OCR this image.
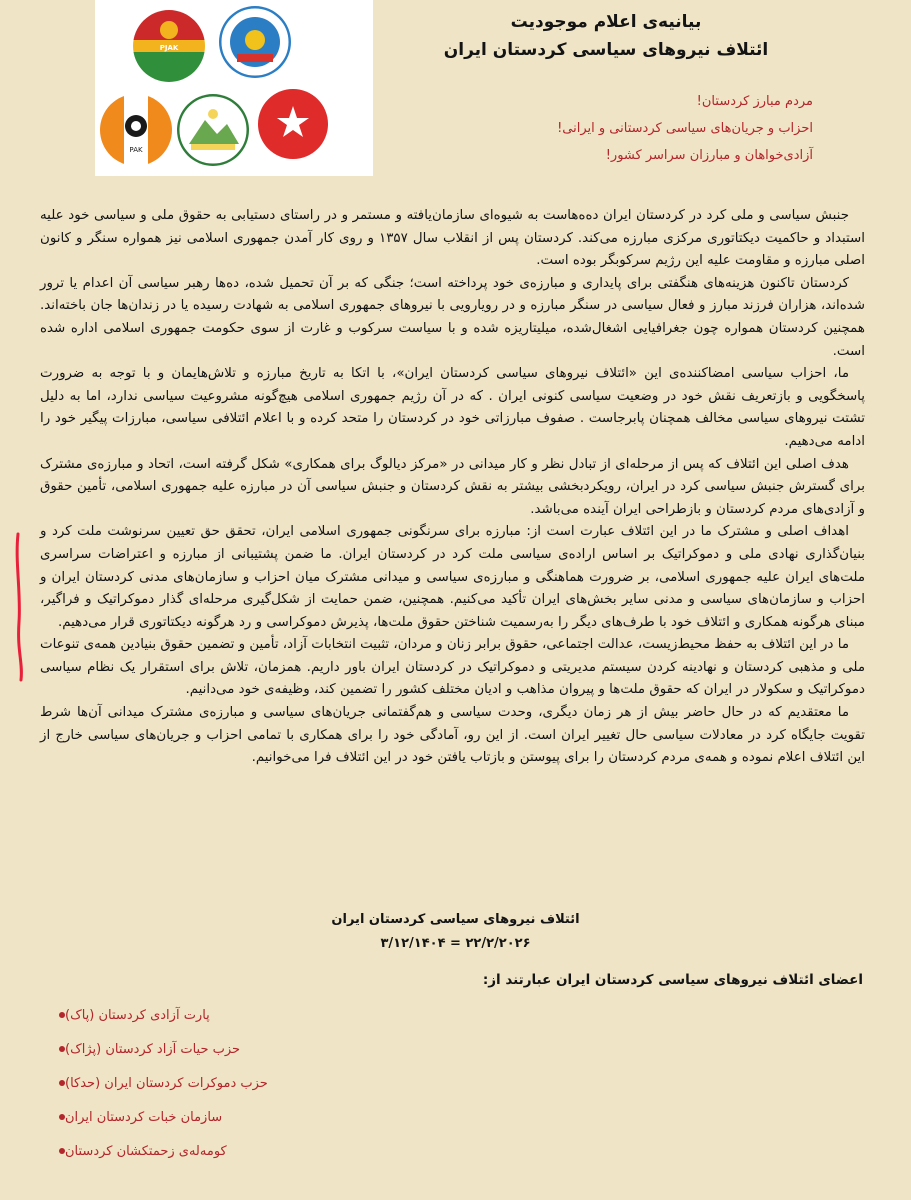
PJAK
PAK
بیانیه‌ی اعلام موجودیت
ائتلاف نیروهای سیاسی کردستان ایران
مردم مبارز کردستان!
احزاب و جریان‌های سیاسی کردستانی و ایرانی!
آزادی‌خواهان و مبارزان سراسر کشور!

جنبش سیاسی و ملی کرد در کردستان ایران ده‌ه‌هاست به شیوه‌ای سازمان‌یافته و مستمر و در راستای دستیابی به حقوق ملی و سیاسی خود علیه استبداد و حاکمیت دیکتاتوری مرکزی مبارزه می‌کند. کردستان پس از انقلاب سال ۱۳۵۷ و روی کار آمدن جمهوری اسلامی نیز همواره سنگر و کانون اصلی مبارزه و مقاومت علیه این رژیم سرکوبگر بوده است.

کردستان تاکنون هزینه‌های هنگفتی برای پایداری و مبارزه‌ی خود پرداخته است؛ جنگی که بر آن تحمیل شده، ده‌ها رهبر سیاسی آن اعدام یا ترور شده‌اند، هزاران فرزند مبارز و فعال سیاسی در سنگر مبارزه و در رویارویی با نیروهای جمهوری اسلامی به شهادت رسیده یا در زندان‌ها جان باخته‌اند. همچنین کردستان همواره چون جغرافیایی اشغال‌شده، میلیتاریزه شده و با سیاست سرکوب و غارت از سوی حکومت جمهوری اسلامی اداره شده است.

ما، احزاب سیاسی امضاکننده‌ی این «ائتلاف نیروهای سیاسی کردستان ایران»، با اتکا به تاریخ مبارزه و تلاش‌هایمان و با توجه به ضرورت پاسخگویی و بازتعریف نقش خود در وضعیت سیاسی کنونی ایران . که در آن رژیم جمهوری اسلامی هیچ‌گونه مشروعیت سیاسی ندارد، اما به دلیل تشتت نیروهای سیاسی مخالف همچنان پابرجاست . صفوف مبارزاتی خود در کردستان را متحد کرده و با اعلام ائتلافی سیاسی، مبارزات پیگیر خود را ادامه می‌دهیم.

هدف اصلی این ائتلاف که پس از مرحله‌ای از تبادل نظر و کار میدانی در «مرکز دیالوگ برای همکاری» شکل گرفته است، اتحاد و مبارزه‌ی مشترک برای گسترش جنبش سیاسی کرد در ایران، رویکردبخشی بیشتر به نقش کردستان و جنبش سیاسی آن در مبارزه علیه جمهوری اسلامی، تأمین حقوق و آزادی‌های مردم کردستان و بازطراحی ایران آینده می‌باشد.

اهداف اصلی و مشترک ما در این ائتلاف عبارت است از: مبارزه برای سرنگونی جمهوری اسلامی ایران، تحقق حق تعیین سرنوشت ملت کرد و بنیان‌گذاری نهادی ملی و دموکراتیک بر اساس اراده‌ی سیاسی ملت کرد در کردستان ایران. ما ضمن پشتیبانی از مبارزه و اعتراضات سراسری ملت‌های ایران علیه جمهوری اسلامی، بر ضرورت هماهنگی و مبارزه‌ی سیاسی و میدانی مشترک میان احزاب و سازمان‌های مدنی کردستان ایران و احزاب و سازمان‌های سیاسی و مدنی سایر بخش‌های ایران تأکید می‌کنیم. همچنین، ضمن حمایت از شکل‌گیری مرحله‌ای گذار دموکراتیک و فراگیر، مبنای هرگونه همکاری و ائتلاف خود با طرف‌های دیگر را به‌رسمیت شناختن حقوق ملت‌ها، پذیرش دموکراسی و رد هرگونه دیکتاتوری قرار می‌دهیم.

ما در این ائتلاف به حفظ محیط‌زیست، عدالت اجتماعی، حقوق برابر زنان و مردان، تثبیت انتخابات آزاد، تأمین و تضمین حقوق بنیادین همه‌ی تنوعات ملی و مذهبی کردستان و نهادینه کردن سیستم مدیریتی و دموکراتیک در کردستان ایران باور داریم. همزمان، تلاش برای استقرار یک نظام سیاسی دموکراتیک و سکولار در ایران که حقوق ملت‌ها و پیروان مذاهب و ادیان مختلف کشور را تضمین کند، وظیفه‌ی خود می‌دانیم.

ما معتقدیم که در حال حاضر بیش از هر زمان دیگری، وحدت سیاسی و هم‌گفتمانی جریان‌های سیاسی و مبارزه‌ی مشترک میدانی آن‌ها شرط تقویت جایگاه کرد در معادلات سیاسی حال تغییر ایران است. از این رو، آمادگی خود را برای همکاری با تمامی احزاب و جریان‌های سیاسی خارج از این ائتلاف اعلام نموده و همه‌ی مردم کردستان را برای پیوستن و بازتاب یافتن خود در این ائتلاف فرا می‌خوانیم.

ائتلاف نیروهای سیاسی کردستان ایران
۲۲/۲/۲۰۲۶ = ۳/۱۲/۱۴۰۴
اعضای ائتلاف نیروهای سیاسی کردستان ایران عبارتند از:
پارت آزادی کردستان (پاک)
حزب حیات آزاد کردستان (پژاک)
حزب دموکرات کردستان ایران (حدکا)
سازمان خبات کردستان ایران
کومه‌له‌ی زحمتکشان کردستان
